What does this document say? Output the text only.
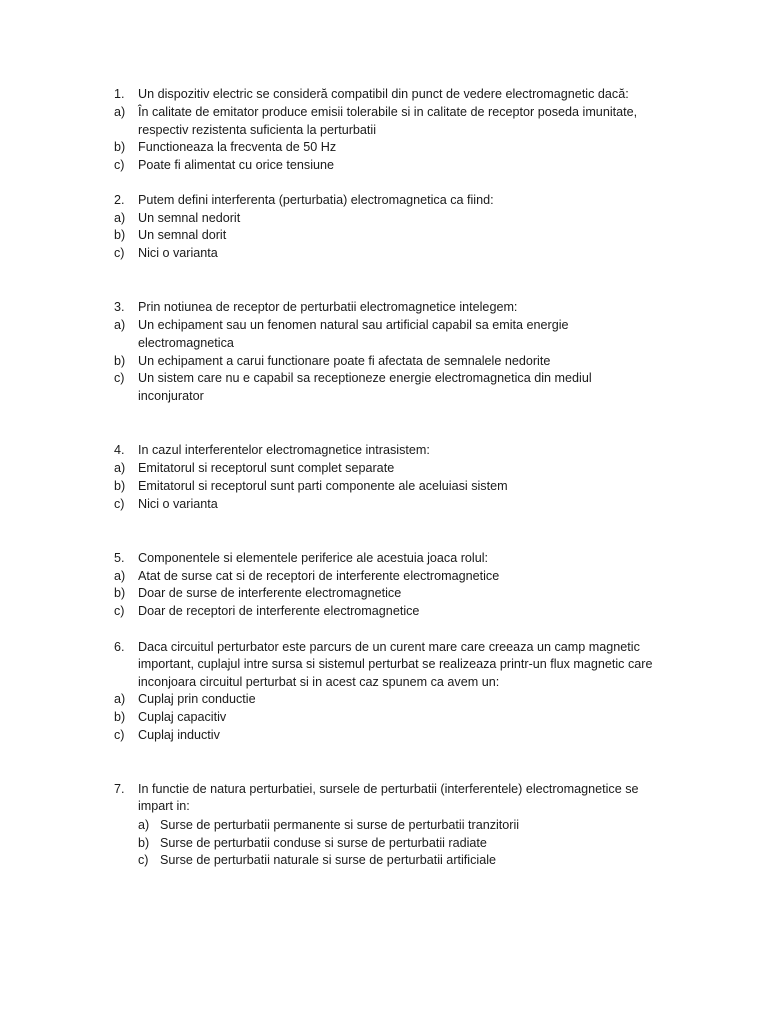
1. Un dispozitiv electric se consideră compatibil din punct de vedere electromagnetic dacă:
a) În calitate de emitator produce emisii tolerabile si in calitate de receptor poseda imunitate,
respectiv rezistenta suficienta la perturbatii
b) Functioneaza la frecventa de 50 Hz
c) Poate fi alimentat cu orice tensiune
2. Putem defini interferenta (perturbatia) electromagnetica ca fiind:
a) Un semnal nedorit
b) Un semnal dorit
c) Nici o varianta
3. Prin notiunea de receptor de perturbatii electromagnetice intelegem:
a) Un echipament sau un fenomen natural sau artificial capabil sa emita energie
electromagnetica
b) Un echipament a carui functionare poate fi afectata de semnalele nedorite
c) Un sistem care nu e capabil sa receptioneze energie electromagnetica din mediul
inconjurator
4. In cazul interferentelor electromagnetice intrasistem:
a) Emitatorul si receptorul sunt complet separate
b) Emitatorul si receptorul sunt parti componente ale aceluiasi sistem
c) Nici o varianta
5. Componentele si elementele periferice ale acestuia joaca rolul:
a) Atat de surse cat si de receptori de interferente electromagnetice
b) Doar de surse de interferente electromagnetice
c) Doar de receptori de interferente electromagnetice
6. Daca circuitul perturbator este parcurs de un curent mare care creeaza un camp magnetic
important, cuplajul intre sursa si sistemul perturbat se realizeaza printr-un flux magnetic care
inconjoara circuitul perturbat si in acest caz spunem ca avem un:
a) Cuplaj prin conductie
b) Cuplaj capacitiv
c) Cuplaj inductiv
7. In functie de natura perturbatiei, sursele de perturbatii (interferentele) electromagnetice se
impart in:
a) Surse de perturbatii permanente si surse de perturbatii tranzitorii
b) Surse de perturbatii conduse si surse de perturbatii radiate
c) Surse de perturbatii naturale si surse de perturbatii artificiale
